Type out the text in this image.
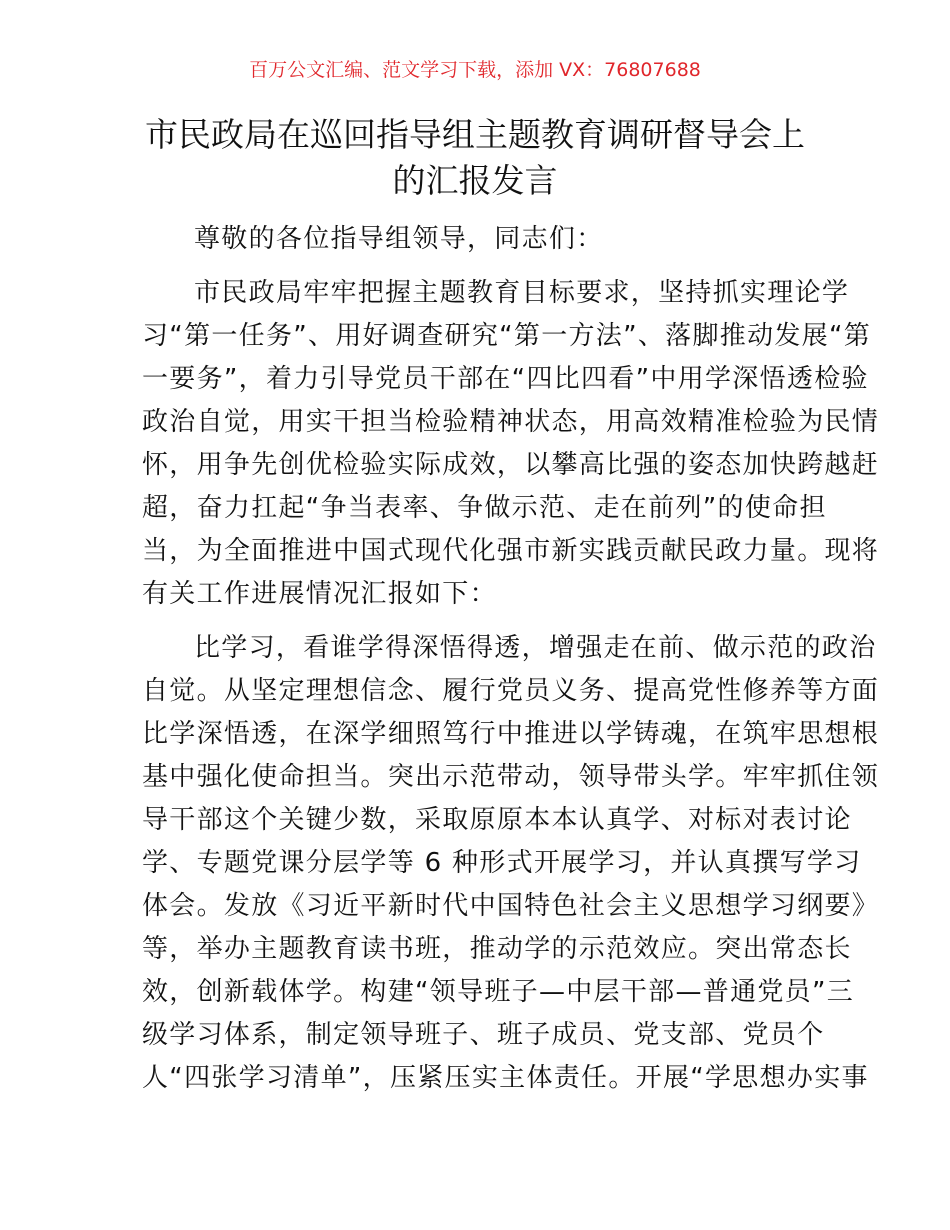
百万公文汇编、范文学习下载，添加 VX：76807688
市民政局在巡回指导组主题教育调研督导会上
的汇报发言
尊敬的各位指导组领导，同志们：
市民政局牢牢把握主题教育目标要求，坚持抓实理论学
习“第一任务”、用好调查研究“第一方法”、落脚推动发展“第
一要务”，着力引导党员干部在“四比四看”中用学深悟透检验
政治自觉，用实干担当检验精神状态，用高效精准检验为民情
怀，用争先创优检验实际成效，以攀高比强的姿态加快跨越赶
超，奋力扛起“争当表率、争做示范、走在前列”的使命担
当，为全面推进中国式现代化强市新实践贡献民政力量。现将
有关工作进展情况汇报如下：
比学习，看谁学得深悟得透，增强走在前、做示范的政治
自觉。从坚定理想信念、履行党员义务、提高党性修养等方面
比学深悟透，在深学细照笃行中推进以学铸魂，在筑牢思想根
基中强化使命担当。突出示范带动，领导带头学。牢牢抓住领
导干部这个关键少数，采取原原本本认真学、对标对表讨论
学、专题党课分层学等 6 种形式开展学习，并认真撰写学习
体会。发放《习近平新时代中国特色社会主义思想学习纲要》
等，举办主题教育读书班，推动学的示范效应。突出常态长
效，创新载体学。构建“领导班子—中层干部—普通党员”三
级学习体系，制定领导班子、班子成员、党支部、党员个
人“四张学习清单”，压紧压实主体责任。开展“学思想办实事
